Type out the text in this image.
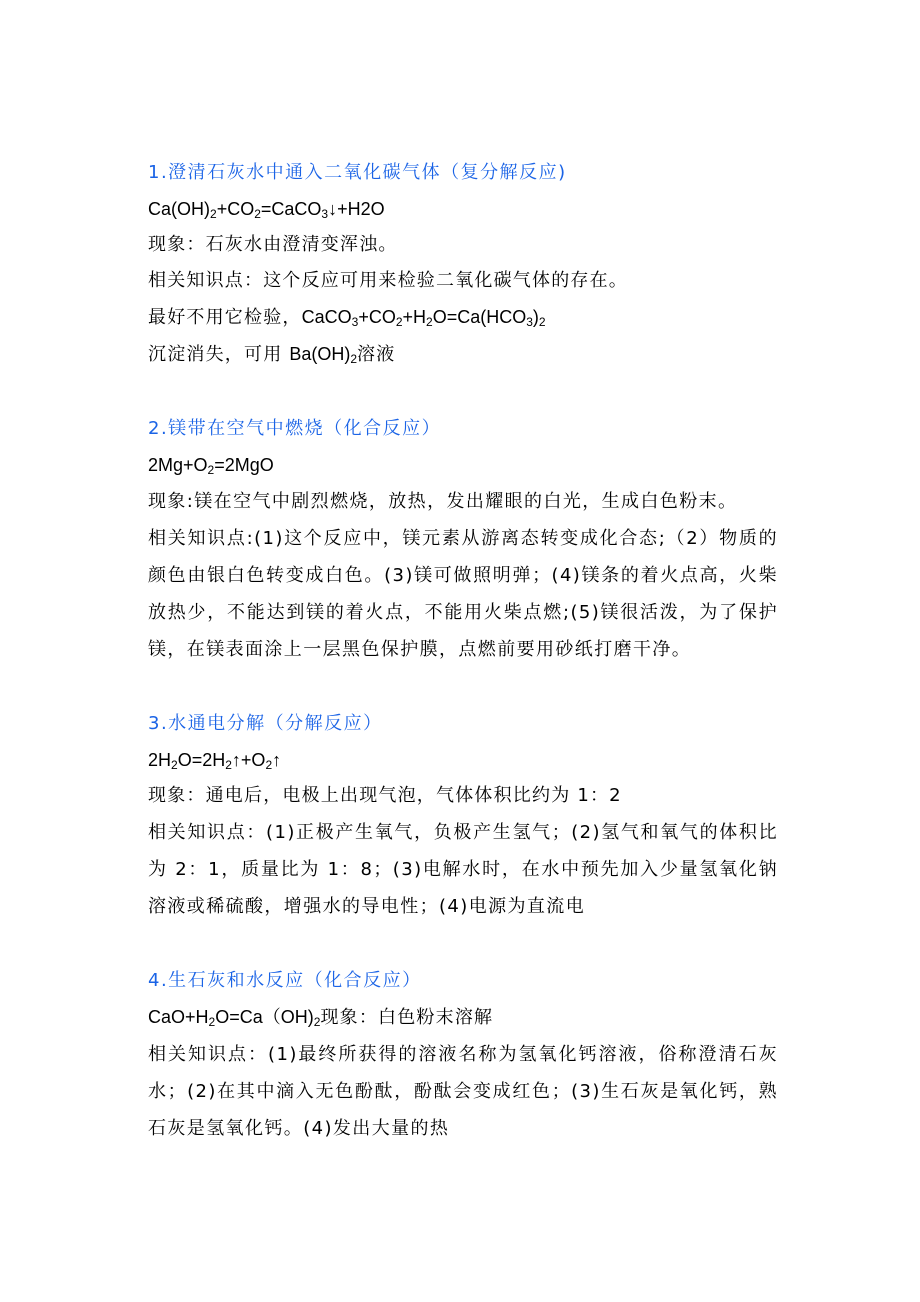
1.澄清石灰水中通入二氧化碳气体（复分解反应)
$Ca(OH)_2+CO_2=CaCO_3↓+H2O$
现象：石灰水由澄清变浑浊。
相关知识点：这个反应可用来检验二氧化碳气体的存在。
最好不用它检验，$CaCO_3+CO_2+H_2O=Ca(HCO_3)_2$
沉淀消失，可用 $Ba(OH)_2$溶液
2.镁带在空气中燃烧（化合反应）
$2Mg+O_2=2MgO$
现象:镁在空气中剧烈燃烧，放热，发出耀眼的白光，生成白色粉末。
相关知识点:(1)这个反应中，镁元素从游离态转变成化合态;（2）物质的颜色由银白色转变成白色。(3)镁可做照明弹；(4)镁条的着火点高，火柴放热少，不能达到镁的着火点，不能用火柴点燃;(5)镁很活泼，为了保护镁，在镁表面涂上一层黑色保护膜，点燃前要用砂纸打磨干净。
3.水通电分解（分解反应）
$2H_2O=2H_2↑+O_2↑$
现象：通电后，电极上出现气泡，气体体积比约为 1：2
相关知识点：(1)正极产生氧气，负极产生氢气；(2)氢气和氧气的体积比为 2：1，质量比为 1：8；(3)电解水时，在水中预先加入少量氢氧化钠溶液或稀硫酸，增强水的导电性；(4)电源为直流电
4.生石灰和水反应（化合反应）
$CaO+H_2O=Ca(OH)_2$现象：白色粉末溶解
相关知识点：(1)最终所获得的溶液名称为氢氧化钙溶液，俗称澄清石灰水；(2)在其中滴入无色酚酞，酚酞会变成红色；(3)生石灰是氧化钙，熟石灰是氢氧化钙。(4)发出大量的热
